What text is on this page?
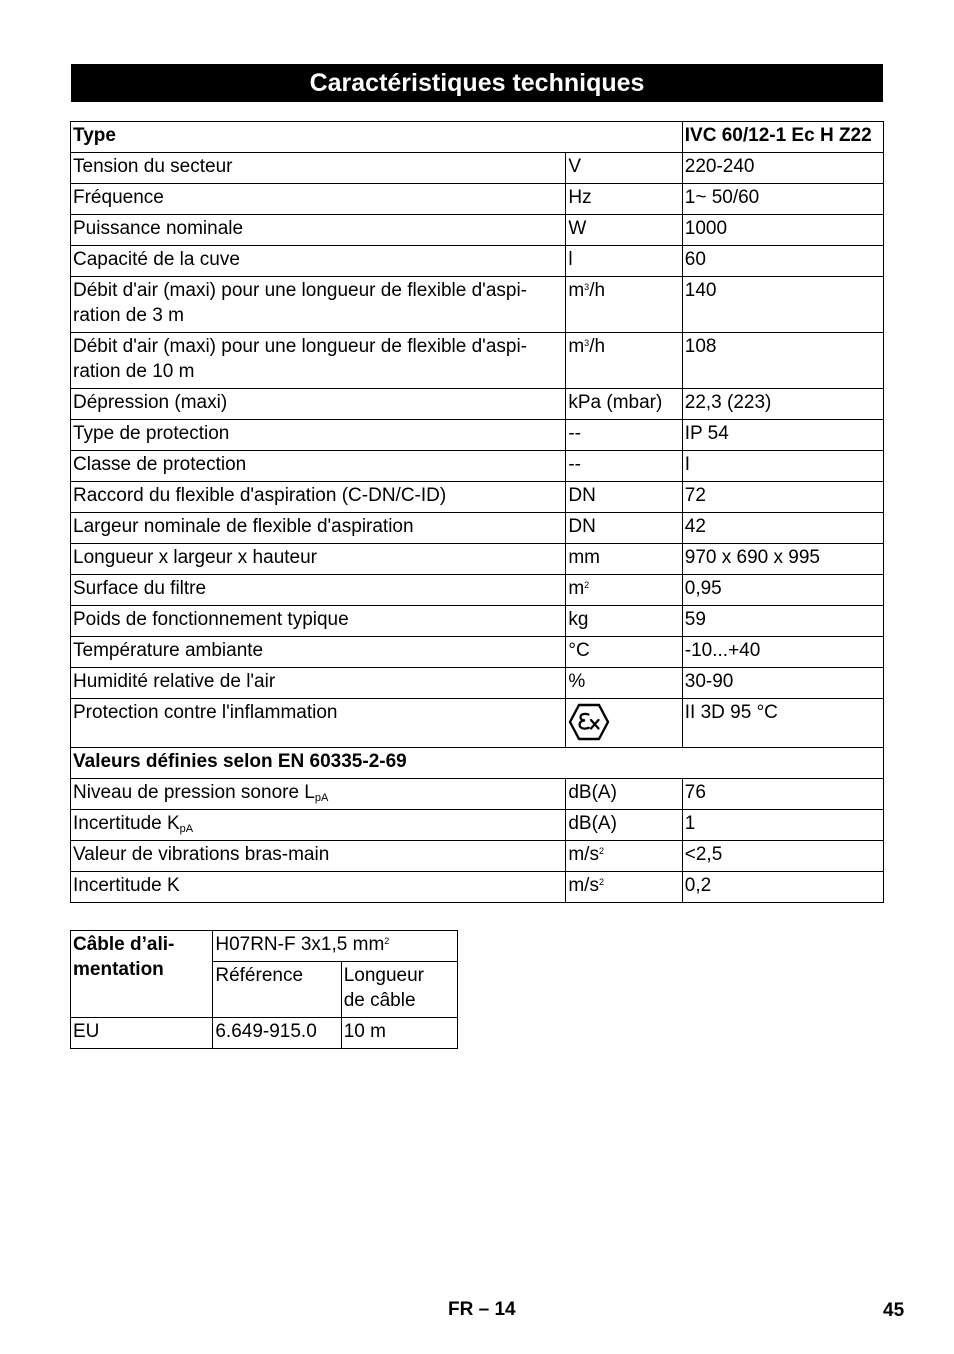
Caractéristiques techniques
Type		IVC 60/12-1 Ec H Z22
Tension du secteur	V	220-240
Fréquence	Hz	1~ 50/60
Puissance nominale	W	1000
Capacité de la cuve	l	60
Débit d'air (maxi) pour une longueur de flexible d'aspi-
ration de 3 m	$m^3/h$	140
Débit d'air (maxi) pour une longueur de flexible d'aspi-
ration de 10 m	$m^3/h$	108
Dépression (maxi)	kPa (mbar)	22,3 (223)
Type de protection	--	IP 54
Classe de protection	--	I
Raccord du flexible d'aspiration (C-DN/C-ID)	DN	72
Largeur nominale de flexible d'aspiration	DN	42
Longueur x largeur x hauteur	mm	970 x 690 x 995
Surface du filtre	$m^2$	0,95
Poids de fonctionnement typique	kg	59
Température ambiante	°C	-10...+40
Humidité relative de l'air	%	30-90
Protection contre l'inflammation		II 3D 95 °C
Valeurs définies selon EN 60335-2-69		
Niveau de pression sonore $L_{pA}$	dB(A)	76
Incertitude $K_{pA}$	dB(A)	1
Valeur de vibrations bras-main	$m/s^2$	<2,5
Incertitude K	$m/s^2$	0,2
Câble d’ali-
mentation	H07RN-F 3x1,5 $mm^2$
	Référence	Longueur
de câble
EU	6.649-915.0	10 m
FR – 14	45
